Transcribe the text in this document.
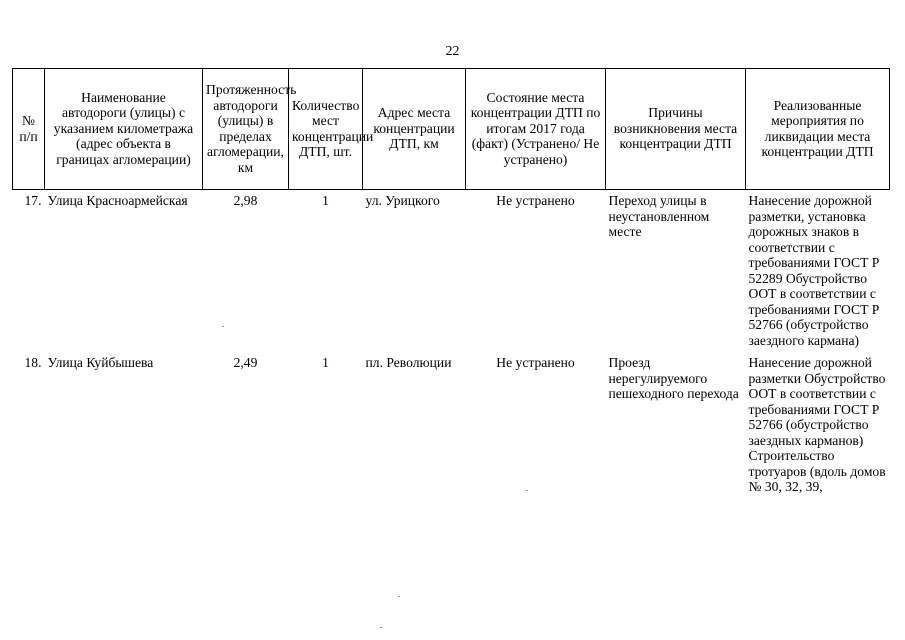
22
№ п/п	Наименование автодороги (улицы) с указанием километража (адрес объекта в границах агломерации)	Протяженность автодороги (улицы) в пределах агломерации, км	Количество мест концентрации ДТП, шт.	Адрес места концентрации ДТП, км	Состояние места концентрации ДТП по итогам 2017 года (факт) (Устранено/ Не устранено)	Причины возникновения места концентрации ДТП	Реализованные мероприятия по ликвидации места концентрации ДТП
17.	Улица Красноармейская	2,98	1	ул. Урицкого	Не устранено	Переход улицы в неустановленном месте	Нанесение дорожной разметки, установка дорожных знаков в соответствии с требованиями ГОСТ Р 52289 Обустройство ООТ в соответствии с требованиями ГОСТ Р 52766 (обустройство заездного кармана)
18.	Улица Куйбышева	2,49	1	пл. Революции	Не устранено	Проезд нерегулируемого пешеходного перехода	Нанесение дорожной разметки Обустройство ООТ в соответствии с требованиями ГОСТ Р 52766 (обустройство заездных карманов) Строительство тротуаров (вдоль домов № 30, 32, 39,
